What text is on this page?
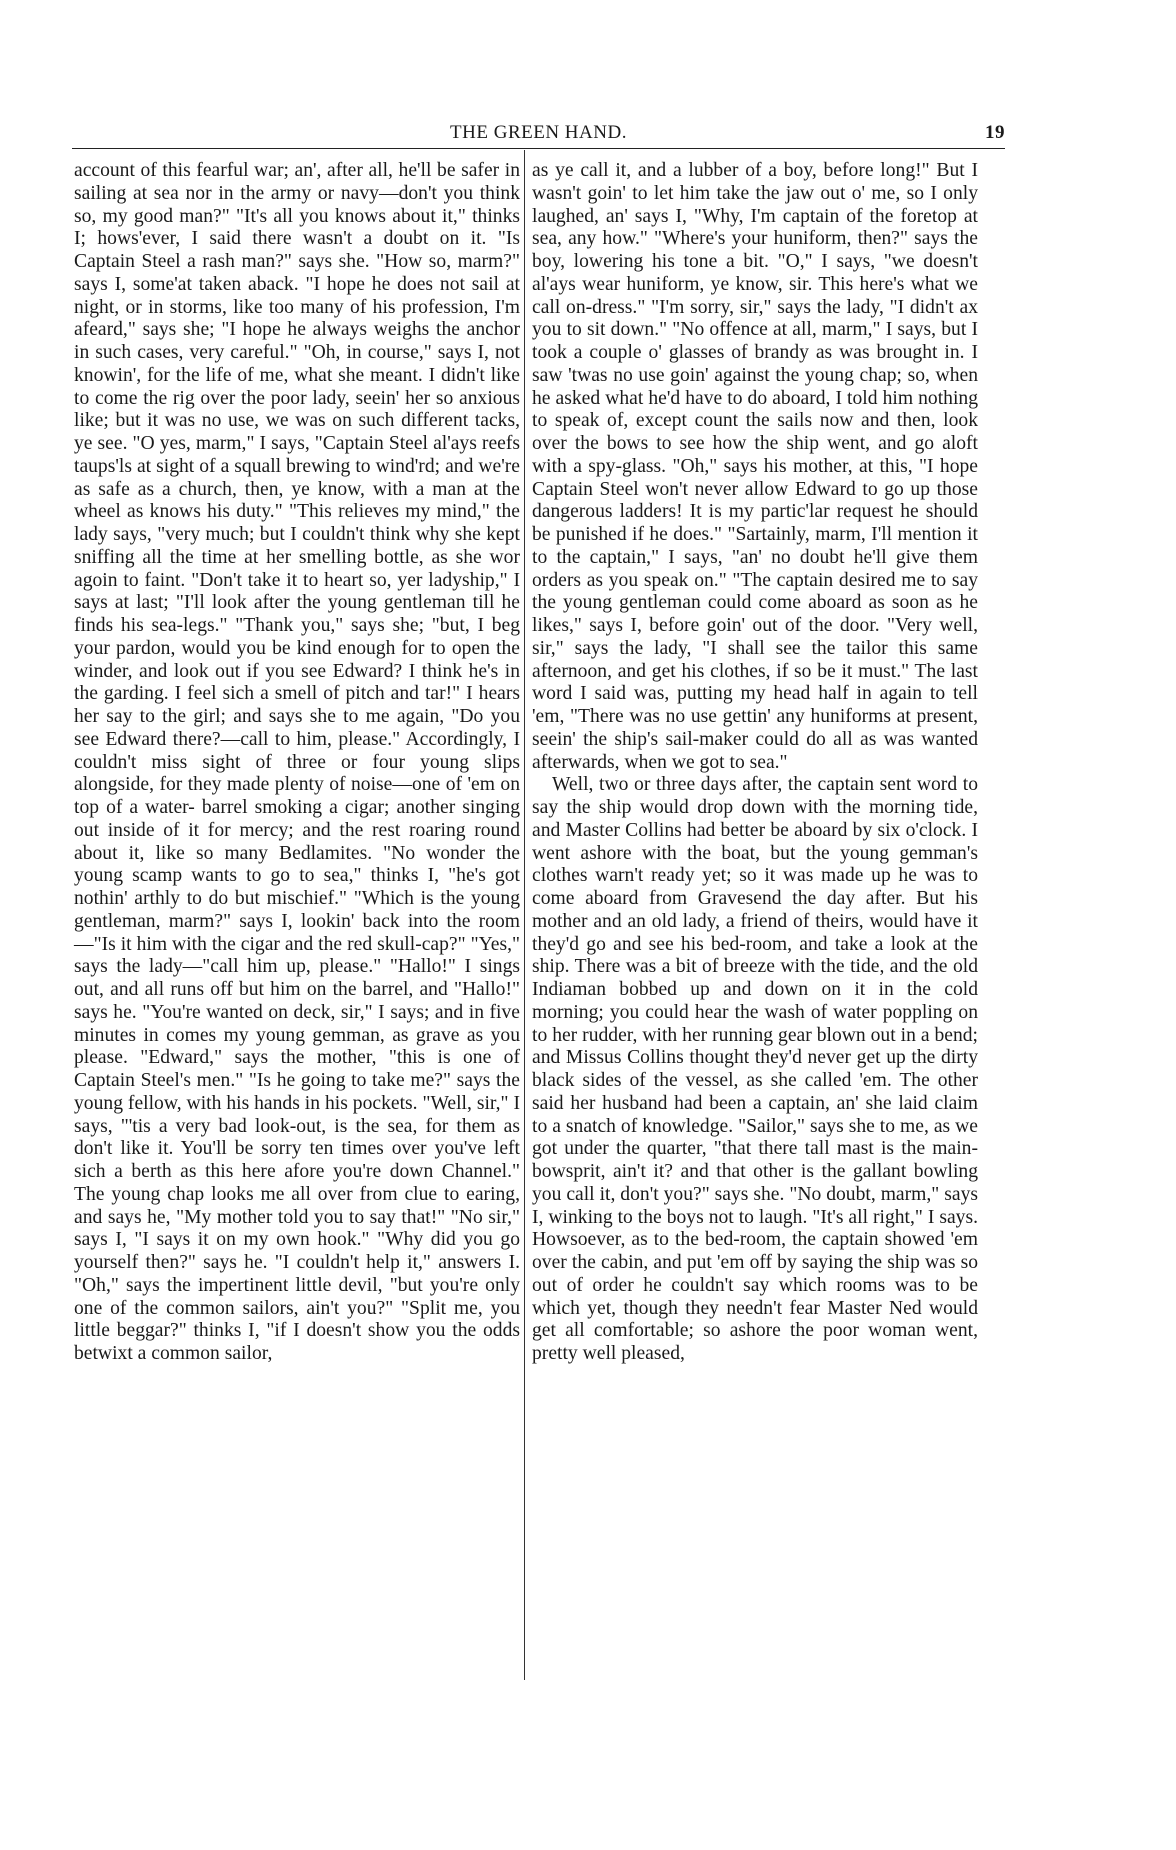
THE GREEN HAND.	19

account of this fearful war; an', after all, he'll be safer in sailing at sea nor in the army or navy—don't you think so, my good man?" "It's all you knows about it," thinks I; hows'ever, I said there wasn't a doubt on it. "Is Captain Steel a rash man?" says she. "How so, marm?" says I, some'at taken aback. "I hope he does not sail at night, or in storms, like too many of his profession, I'm afeard," says she; "I hope he always weighs the anchor in such cases, very careful." "Oh, in course," says I, not knowin', for the life of me, what she meant. I didn't like to come the rig over the poor lady, seein' her so anxious like; but it was no use, we was on such different tacks, ye see. "O yes, marm," I says, "Captain Steel al'ays reefs taups'ls at sight of a squall brewing to wind'rd; and we're as safe as a church, then, ye know, with a man at the wheel as knows his duty." "This relieves my mind," the lady says, "very much; but I couldn't think why she kept sniffing all the time at her smelling bottle, as she wor agoin to faint. "Don't take it to heart so, yer ladyship," I says at last; "I'll look after the young gentleman till he finds his sea-legs." "Thank you," says she; "but, I beg your pardon, would you be kind enough for to open the winder, and look out if you see Edward? I think he's in the garding. I feel sich a smell of pitch and tar!" I hears her say to the girl; and says she to me again, "Do you see Edward there?—call to him, please." Accordingly, I couldn't miss sight of three or four young slips alongside, for they made plenty of noise—one of 'em on top of a water- barrel smoking a cigar; another singing out inside of it for mercy; and the rest roaring round about it, like so many Bedlamites. "No wonder the young scamp wants to go to sea," thinks I, "he's got nothin' arthly to do but mischief." "Which is the young gentleman, marm?" says I, lookin' back into the room—"Is it him with the cigar and the red skull-cap?" "Yes," says the lady—"call him up, please." "Hallo!" I sings out, and all runs off but him on the barrel, and "Hallo!" says he. "You're wanted on deck, sir," I says; and in five minutes in comes my young gemman, as grave as you please. "Edward," says the mother, "this is one of Captain Steel's men." "Is he going to take me?" says the young fellow, with his hands in his pockets. "Well, sir," I says, "'tis a very bad look-out, is the sea, for them as don't like it. You'll be sorry ten times over you've left sich a berth as this here afore you're down Channel." The young chap looks me all over from clue to earing, and says he, "My mother told you to say that!" "No sir," says I, "I says it on my own hook." "Why did you go yourself then?" says he. "I couldn't help it," answers I. "Oh," says the impertinent little devil, "but you're only one of the common sailors, ain't you?" "Split me, you little beggar?" thinks I, "if I doesn't show you the odds betwixt a common sailor,

as ye call it, and a lubber of a boy, before long!" But I wasn't goin' to let him take the jaw out o' me, so I only laughed, an' says I, "Why, I'm captain of the foretop at sea, any how." "Where's your huniform, then?" says the boy, lowering his tone a bit. "O," I says, "we doesn't al'ays wear huniform, ye know, sir. This here's what we call on-dress." "I'm sorry, sir," says the lady, "I didn't ax you to sit down." "No offence at all, marm," I says, but I took a couple o' glasses of brandy as was brought in. I saw 'twas no use goin' against the young chap; so, when he asked what he'd have to do aboard, I told him nothing to speak of, except count the sails now and then, look over the bows to see how the ship went, and go aloft with a spy-glass. "Oh," says his mother, at this, "I hope Captain Steel won't never allow Edward to go up those dangerous ladders! It is my partic'lar request he should be punished if he does." "Sartainly, marm, I'll mention it to the captain," I says, "an' no doubt he'll give them orders as you speak on." "The captain desired me to say the young gentleman could come aboard as soon as he likes," says I, before goin' out of the door. "Very well, sir," says the lady, "I shall see the tailor this same afternoon, and get his clothes, if so be it must." The last word I said was, putting my head half in again to tell 'em, "There was no use gettin' any huniforms at present, seein' the ship's sail-maker could do all as was wanted afterwards, when we got to sea."

Well, two or three days after, the captain sent word to say the ship would drop down with the morning tide, and Master Collins had better be aboard by six o'clock. I went ashore with the boat, but the young gemman's clothes warn't ready yet; so it was made up he was to come aboard from Gravesend the day after. But his mother and an old lady, a friend of theirs, would have it they'd go and see his bed-room, and take a look at the ship. There was a bit of breeze with the tide, and the old Indiaman bobbed up and down on it in the cold morning; you could hear the wash of water poppling on to her rudder, with her running gear blown out in a bend; and Missus Collins thought they'd never get up the dirty black sides of the vessel, as she called 'em. The other said her husband had been a captain, an' she laid claim to a snatch of knowledge. "Sailor," says she to me, as we got under the quarter, "that there tall mast is the main-bowsprit, ain't it? and that other is the gallant bowling you call it, don't you?" says she. "No doubt, marm," says I, winking to the boys not to laugh. "It's all right," I says. Howsoever, as to the bed-room, the captain showed 'em over the cabin, and put 'em off by saying the ship was so out of order he couldn't say which rooms was to be which yet, though they needn't fear Master Ned would get all comfortable; so ashore the poor woman went, pretty well pleased,
